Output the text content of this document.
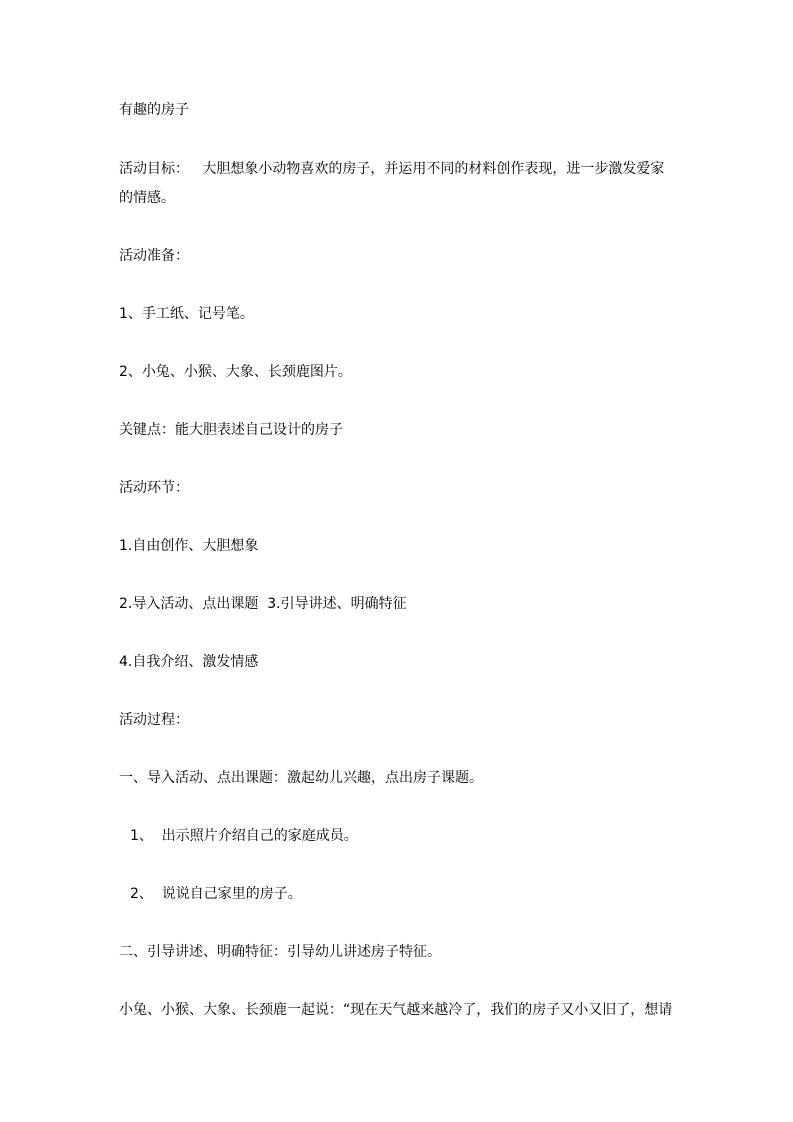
有趣的房子
活动目标： 大胆想象小动物喜欢的房子，并运用不同的材料创作表现，进一步激发爱家的情感。
活动准备：
1、手工纸、记号笔。
2、小兔、小猴、大象、长颈鹿图片。
关键点：能大胆表述自己设计的房子
活动环节：
1.自由创作、大胆想象
2.导入活动、点出课题  3.引导讲述、明确特征
4.自我介绍、激发情感
活动过程：
一、导入活动、点出课题：激起幼儿兴趣，点出房子课题。
1、  出示照片介绍自己的家庭成员。
2、  说说自己家里的房子。
二、引导讲述、明确特征：引导幼儿讲述房子特征。
小兔、小猴、大象、长颈鹿一起说：“现在天气越来越冷了，我们的房子又小又旧了，想请
